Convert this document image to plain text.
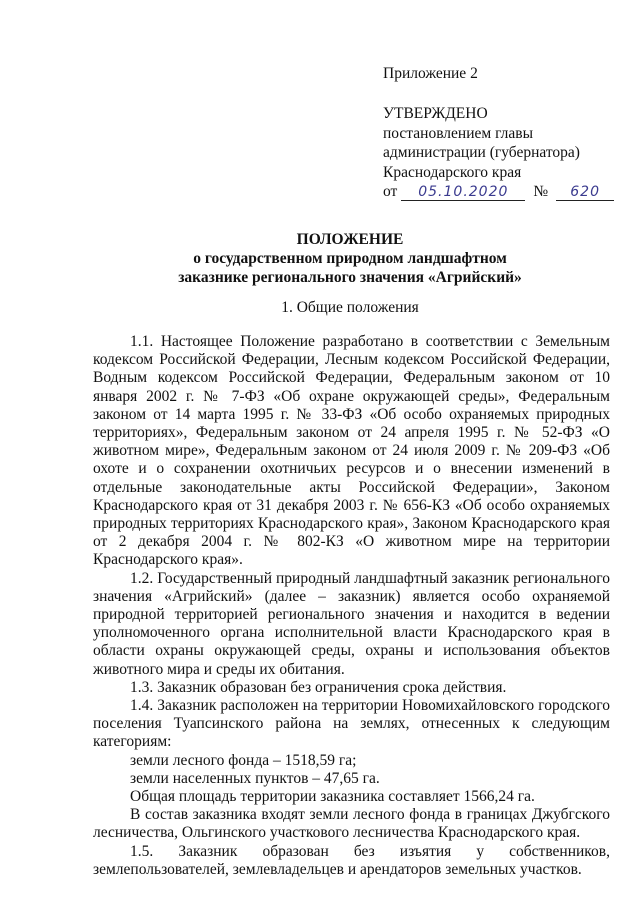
Приложение 2
УТВЕРЖДЕНО
постановлением главы
администрации (губернатора)
Краснодарского края
от	05.10.2020	№	620
ПОЛОЖЕНИЕ
о государственном природном ландшафтном
заказнике регионального значения «Агрийский»
1. Общие положения

1.1. Настоящее Положение разработано в соответствии с Земельным кодексом Российской Федерации, Лесным кодексом Российской Федерации, Водным кодексом Российской Федерации, Федеральным законом от 10 января 2002 г. № 7-ФЗ «Об охране окружающей среды», Федеральным законом от 14 марта 1995 г. № 33-ФЗ «Об особо охраняемых природных территориях», Федеральным законом от 24 апреля 1995 г. № 52-ФЗ «О животном мире», Федеральным законом от 24 июля 2009 г. № 209-ФЗ «Об охоте и о сохранении охотничьих ресурсов и о внесении изменений в отдельные законодательные акты Российской Федерации», Законом Краснодарского края от 31 декабря 2003 г. № 656-КЗ «Об особо охраняемых природных территориях Краснодарского края», Законом Краснодарского края от 2 декабря 2004 г. № 802-КЗ «О животном мире на территории Краснодарского края».

1.2. Государственный природный ландшафтный заказник регионального значения «Агрийский» (далее – заказник) является особо охраняемой природной территорией регионального значения и находится в ведении уполномоченного органа исполнительной власти Краснодарского края в области охраны окружающей среды, охраны и использования объектов животного мира и среды их обитания.

1.3. Заказник образован без ограничения срока действия.

1.4. Заказник расположен на территории Новомихайловского городского поселения Туапсинского района на землях, отнесенных к следующим категориям:

земли лесного фонда – 1518,59 га;

земли населенных пунктов – 47,65 га.

Общая площадь территории заказника составляет 1566,24 га.

В состав заказника входят земли лесного фонда в границах Джубгского лесничества, Ольгинского участкового лесничества Краснодарского края.

1.5. Заказник образован без изъятия у собственников, землепользователей, землевладельцев и арендаторов земельных участков.
